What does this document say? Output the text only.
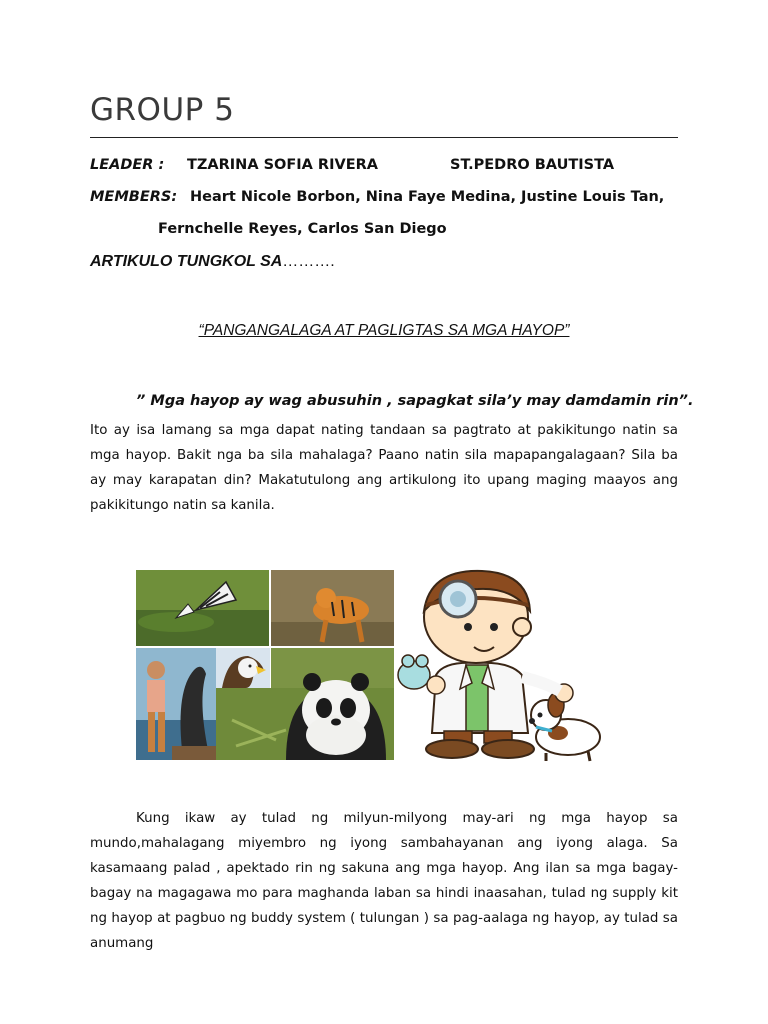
GROUP 5
LEADER : TZARINA SOFIA RIVERA	ST.PEDRO BAUTISTA
MEMBERS: Heart Nicole Borbon, Nina Faye Medina, Justine Louis Tan,
Fernchelle Reyes, Carlos San Diego
ARTIKULO TUNGKOL SA……….
“PANGANGALAGA AT PAGLIGTAS SA MGA HAYOP”
” Mga hayop ay wag abusuhin , sapagkat sila’y may damdamin rin”.
Ito ay isa lamang sa mga dapat nating tandaan sa pagtrato at pakikitungo natin sa mga hayop. Bakit nga ba sila mahalaga? Paano natin sila mapapangalagaan? Sila ba ay may karapatan din? Makatutulong ang artikulong ito upang maging maayos ang pakikitungo natin sa kanila.
Kung ikaw ay tulad ng milyun-milyong may-ari ng mga hayop sa mundo,mahalagang miyembro ng iyong sambahayanan ang iyong alaga. Sa kasamaang palad , apektado rin ng sakuna ang mga hayop. Ang ilan sa mga bagay-bagay na magagawa mo para maghanda laban sa hindi inaasahan, tulad ng supply kit ng hayop at pagbuo ng buddy system ( tulungan ) sa pag-aalaga ng hayop, ay tulad sa anumang
